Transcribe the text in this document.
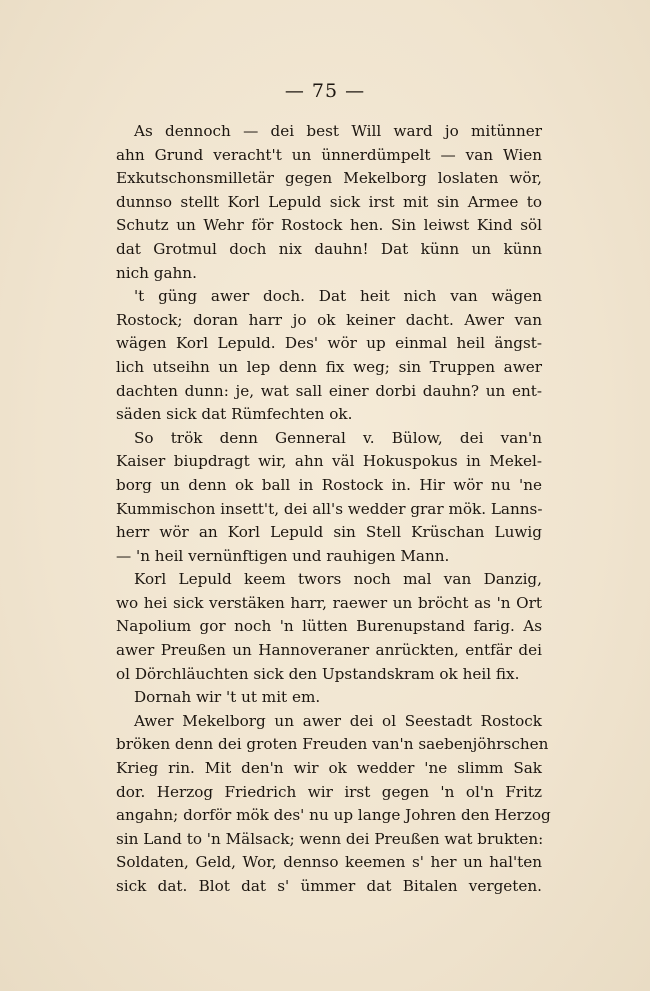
— 75 —
As dennoch — dei best Will ward jo mitünner
ahn Grund veracht't un ünnerdümpelt — van Wien
Exkutschonsmilletär gegen Mekelborg loslaten wör,
dunnso stellt Korl Lepuld sick irst mit sin Armee to
Schutz un Wehr för Rostock hen. Sin leiwst Kind söl
dat Grotmul doch nix dauhn! Dat künn un künn
nich gahn.
't güng awer doch. Dat heit nich van wägen
Rostock; doran harr jo ok keiner dacht. Awer van
wägen Korl Lepuld. Des' wör up einmal heil ängst-
lich utseihn un lep denn fix weg; sin Truppen awer
dachten dunn: je, wat sall einer dorbi dauhn? un ent-
säden sick dat Rümfechten ok.
So trök denn Genneral v. Bülow, dei van'n
Kaiser biupdragt wir, ahn väl Hokuspokus in Mekel-
borg un denn ok ball in Rostock in. Hir wör nu 'ne
Kummischon insett't, dei all's wedder grar mök. Lanns-
herr wör an Korl Lepuld sin Stell Krüschan Luwig
— 'n heil vernünftigen und rauhigen Mann.
Korl Lepuld keem twors noch mal van Danzig,
wo hei sick verstäken harr, raewer un bröcht as 'n Ort
Napolium gor noch 'n lütten Burenupstand farig. As
awer Preußen un Hannoveraner anrückten, entfär dei
ol Dörchläuchten sick den Upstandskram ok heil fix.
Dornah wir 't ut mit em.
Awer Mekelborg un awer dei ol Seestadt Rostock
bröken denn dei groten Freuden van'n saebenjöhrschen
Krieg rin. Mit den'n wir ok wedder 'ne slimm Sak
dor. Herzog Friedrich wir irst gegen 'n ol'n Fritz
angahn; dorför mök des' nu up lange Johren den Herzog
sin Land to 'n Mälsack; wenn dei Preußen wat brukten:
Soldaten, Geld, Wor, dennso keemen s' her un hal'ten
sick dat. Blot dat s' ümmer dat Bitalen vergeten.
